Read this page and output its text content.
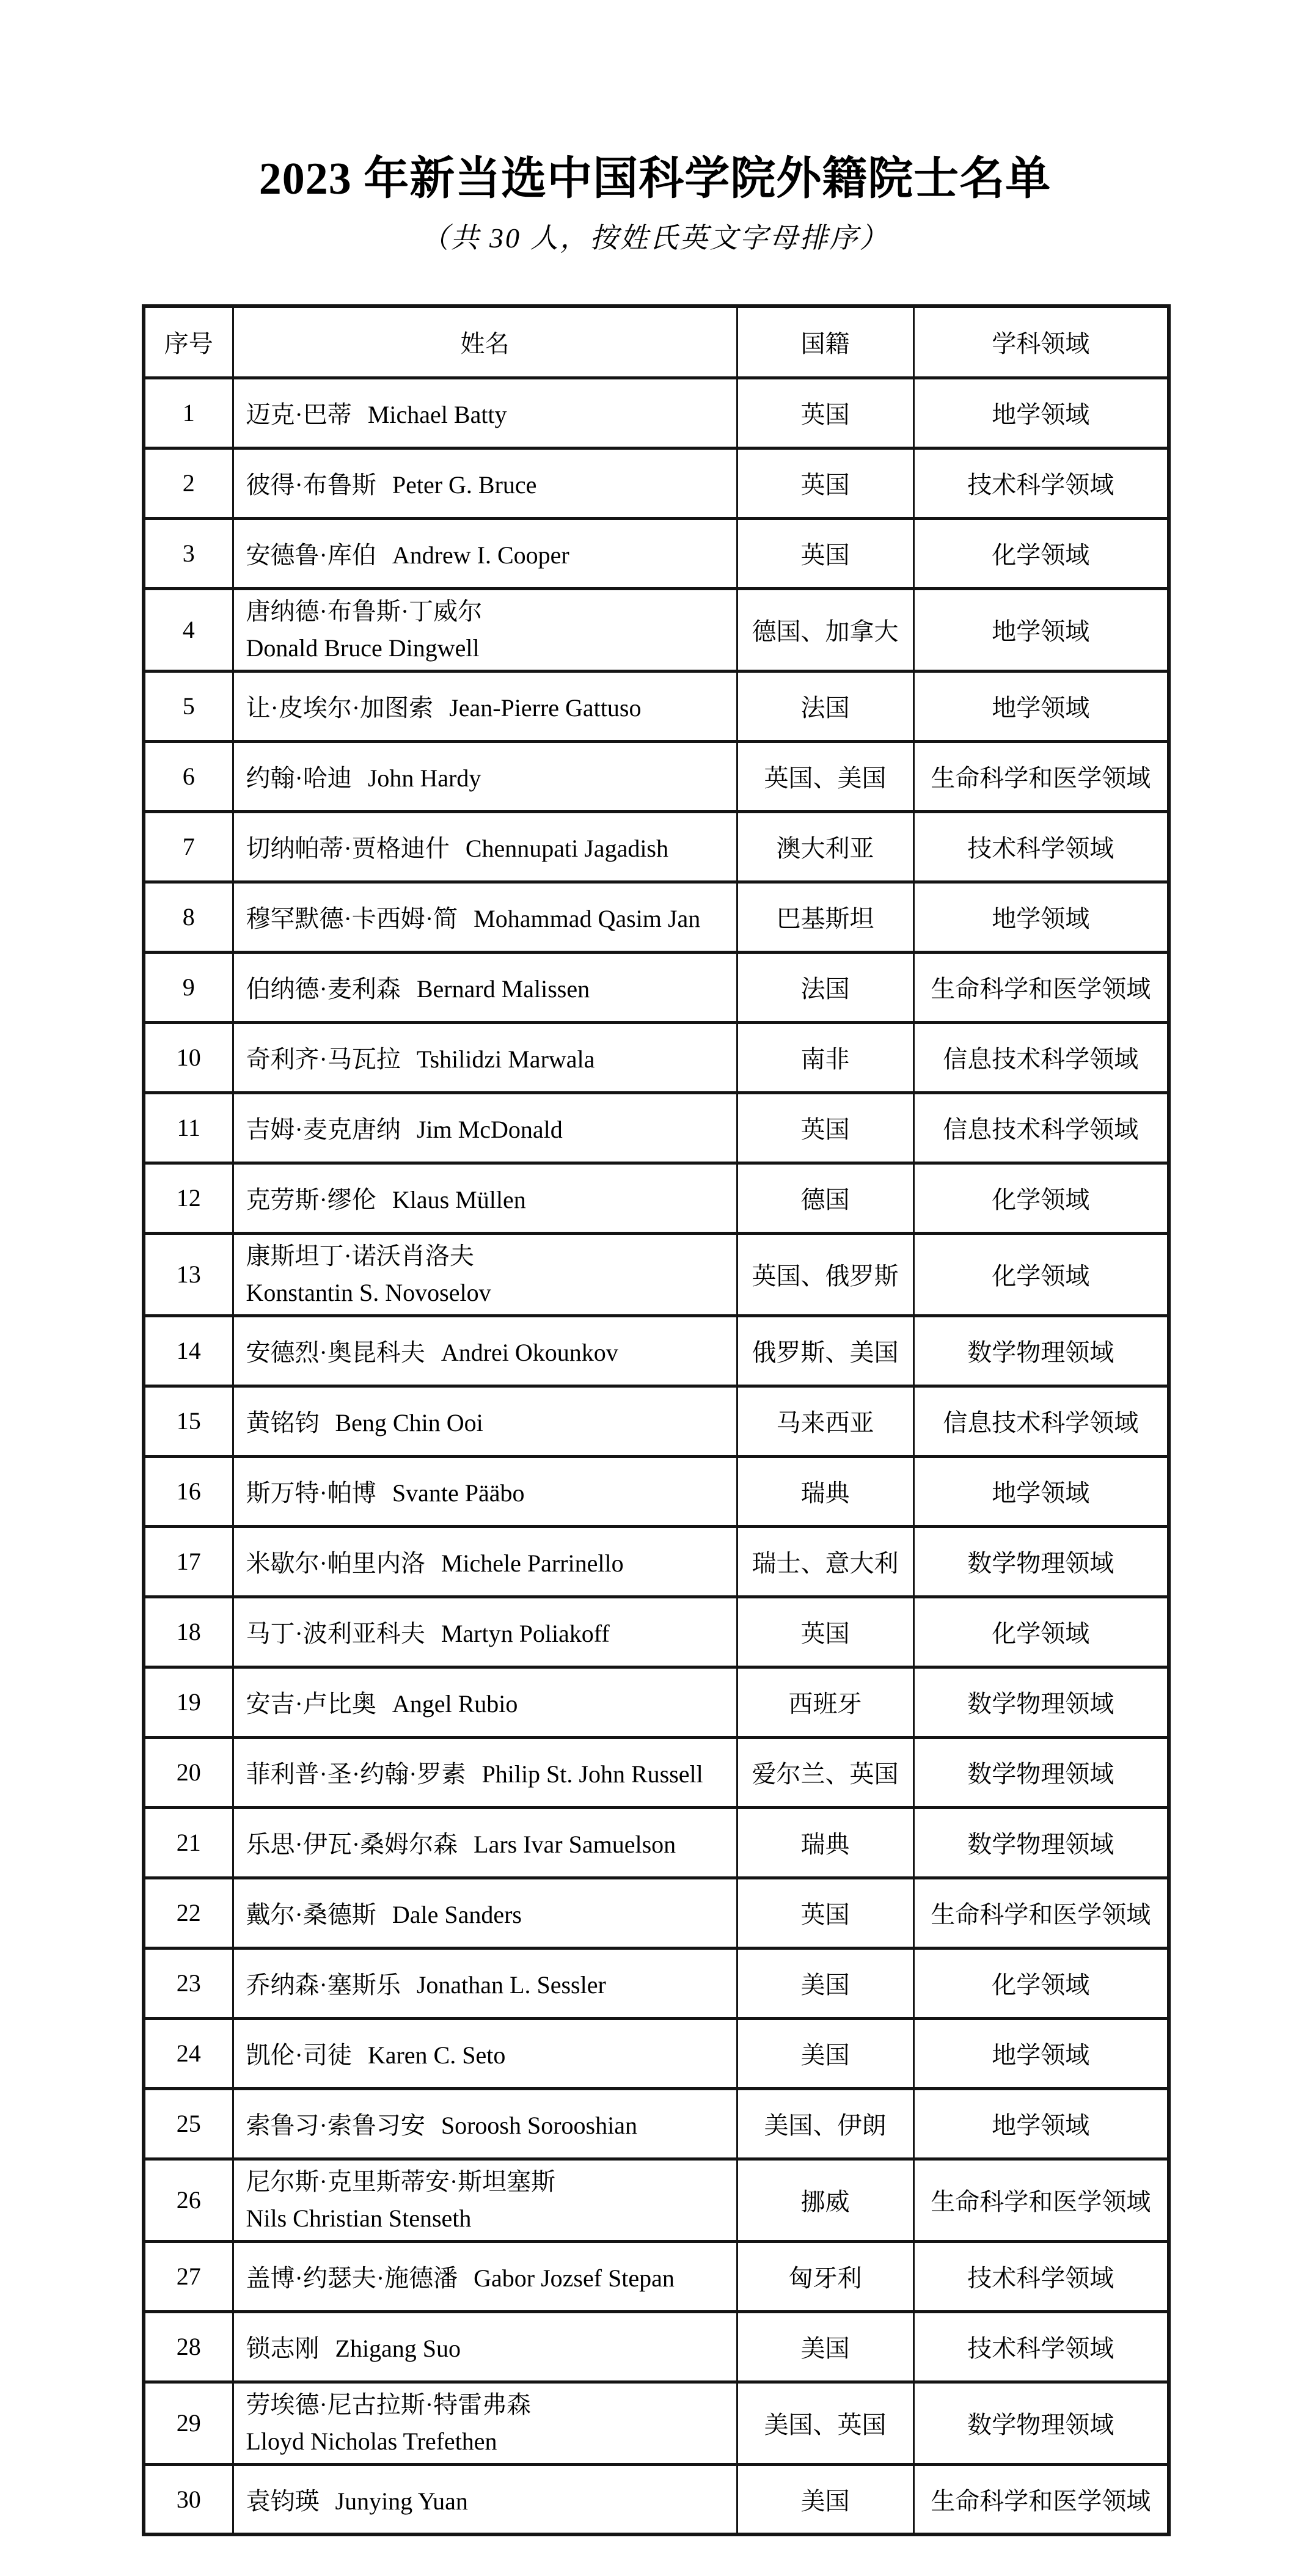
2023 年新当选中国科学院外籍院士名单
（共 30 人，按姓氏英文字母排序）
序号	姓名	国籍	学科领域
1	迈克·巴蒂 Michael Batty	英国	地学领域
2	彼得·布鲁斯 Peter G. Bruce	英国	技术科学领域
3	安德鲁·库伯 Andrew I. Cooper	英国	化学领域
4	唐纳德·布鲁斯·丁威尔
Donald Bruce Dingwell	德国、加拿大	地学领域
5	让·皮埃尔·加图索 Jean-Pierre Gattuso	法国	地学领域
6	约翰·哈迪 John Hardy	英国、美国	生命科学和医学领域
7	切纳帕蒂·贾格迪什 Chennupati Jagadish	澳大利亚	技术科学领域
8	穆罕默德·卡西姆·简 Mohammad Qasim Jan	巴基斯坦	地学领域
9	伯纳德·麦利森 Bernard Malissen	法国	生命科学和医学领域
10	奇利齐·马瓦拉 Tshilidzi Marwala	南非	信息技术科学领域
11	吉姆·麦克唐纳 Jim McDonald	英国	信息技术科学领域
12	克劳斯·缪伦 Klaus Müllen	德国	化学领域
13	康斯坦丁·诺沃肖洛夫
Konstantin S. Novoselov	英国、俄罗斯	化学领域
14	安德烈·奥昆科夫 Andrei Okounkov	俄罗斯、美国	数学物理领域
15	黄铭钧 Beng Chin Ooi	马来西亚	信息技术科学领域
16	斯万特·帕博 Svante Pääbo	瑞典	地学领域
17	米歇尔·帕里内洛 Michele Parrinello	瑞士、意大利	数学物理领域
18	马丁·波利亚科夫 Martyn Poliakoff	英国	化学领域
19	安吉·卢比奥 Angel Rubio	西班牙	数学物理领域
20	菲利普·圣·约翰·罗素 Philip St. John Russell	爱尔兰、英国	数学物理领域
21	乐思·伊瓦·桑姆尔森 Lars Ivar Samuelson	瑞典	数学物理领域
22	戴尔·桑德斯 Dale Sanders	英国	生命科学和医学领域
23	乔纳森·塞斯乐 Jonathan L. Sessler	美国	化学领域
24	凯伦·司徒 Karen C. Seto	美国	地学领域
25	索鲁习·索鲁习安 Soroosh Sorooshian	美国、伊朗	地学领域
26	尼尔斯·克里斯蒂安·斯坦塞斯
Nils Christian Stenseth	挪威	生命科学和医学领域
27	盖博·约瑟夫·施德潘 Gabor Jozsef Stepan	匈牙利	技术科学领域
28	锁志刚 Zhigang Suo	美国	技术科学领域
29	劳埃德·尼古拉斯·特雷弗森
Lloyd Nicholas Trefethen	美国、英国	数学物理领域
30	袁钧瑛 Junying Yuan	美国	生命科学和医学领域
